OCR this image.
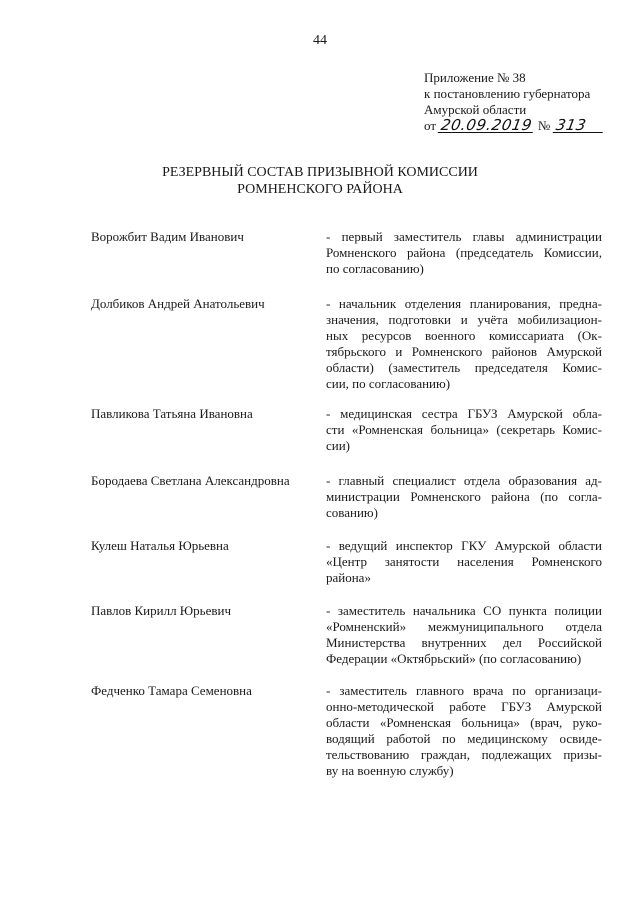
44
Приложение № 38
к постановлению губернатора
Амурской области
от 20.09.2019 № 313
РЕЗЕРВНЫЙ СОСТАВ ПРИЗЫВНОЙ КОМИССИИ
РОМНЕНСКОГО РАЙОНА
Ворожбит Вадим Иванович	- первый заместитель главы администрации
Ромненского района (председатель Комиссии,
по согласованию)
Долбиков Андрей Анатольевич	- начальник отделения планирования, предна-
значения, подготовки и учёта мобилизацион-
ных ресурсов военного комиссариата (Ок-
тябрьского и Ромненского районов Амурской
области) (заместитель председателя Комис-
сии, по согласованию)
Павликова Татьяна Ивановна	- медицинская сестра ГБУЗ Амурской обла-
сти «Ромненская больница» (секретарь Комис-
сии)
Бородаева Светлана Александровна	- главный специалист отдела образования ад-
министрации Ромненского района (по согла-
сованию)
Кулеш Наталья Юрьевна	- ведущий инспектор ГКУ Амурской области
«Центр занятости населения Ромненского
района»
Павлов Кирилл Юрьевич	- заместитель начальника СО пункта полиции
«Ромненский» межмуниципального отдела
Министерства внутренних дел Российской
Федерации «Октябрьский» (по согласованию)
Федченко Тамара Семеновна	- заместитель главного врача по организаци-
онно-методической работе ГБУЗ Амурской
области «Ромненская больница» (врач, руко-
водящий работой по медицинскому освиде-
тельствованию граждан, подлежащих призы-
ву на военную службу)
